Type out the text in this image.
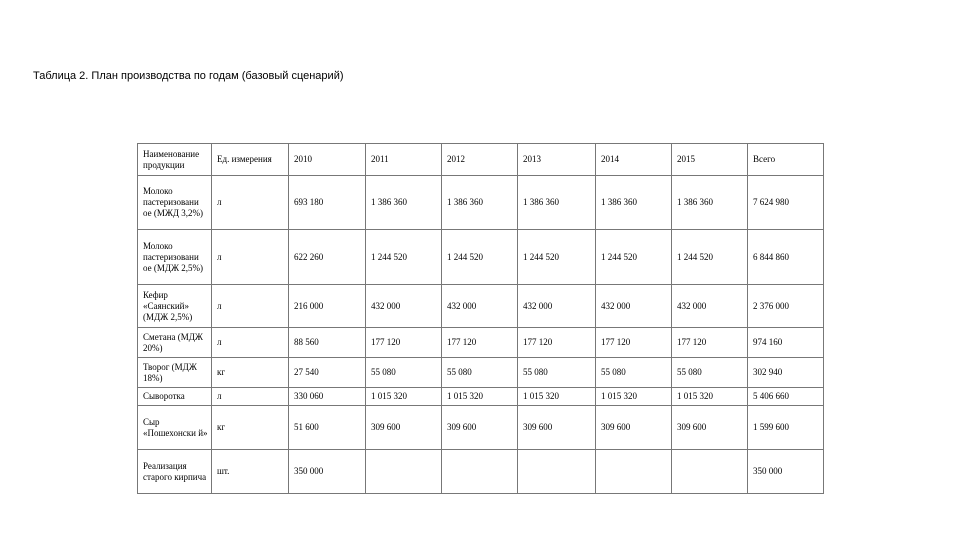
Таблица 2. План производства по годам (базовый сценарий)
Наименование продукции	Ед. измерения	2010	2011	2012	2013	2014	2015	Всего
Молоко пастеризовани ое (МЖД 3,2%)	л	693 180	1 386 360	1 386 360	1 386 360	1 386 360	1 386 360	7 624 980
Молоко пастеризовани ое (МДЖ 2,5%)	л	622 260	1 244 520	1 244 520	1 244 520	1 244 520	1 244 520	6 844 860
Кефир «Саянский» (МДЖ 2,5%)	л	216 000	432 000	432 000	432 000	432 000	432 000	2 376 000
Сметана (МДЖ 20%)	л	88 560	177 120	177 120	177 120	177 120	177 120	974 160
Творог (МДЖ 18%)	кг	27 540	55 080	55 080	55 080	55 080	55 080	302 940
Сыворотка	л	330 060	1 015 320	1 015 320	1 015 320	1 015 320	1 015 320	5 406 660
Сыр «Пошехонски й»	кг	51 600	309 600	309 600	309 600	309 600	309 600	1 599 600
Реализация старого кирпича	шт.	350 000						350 000
